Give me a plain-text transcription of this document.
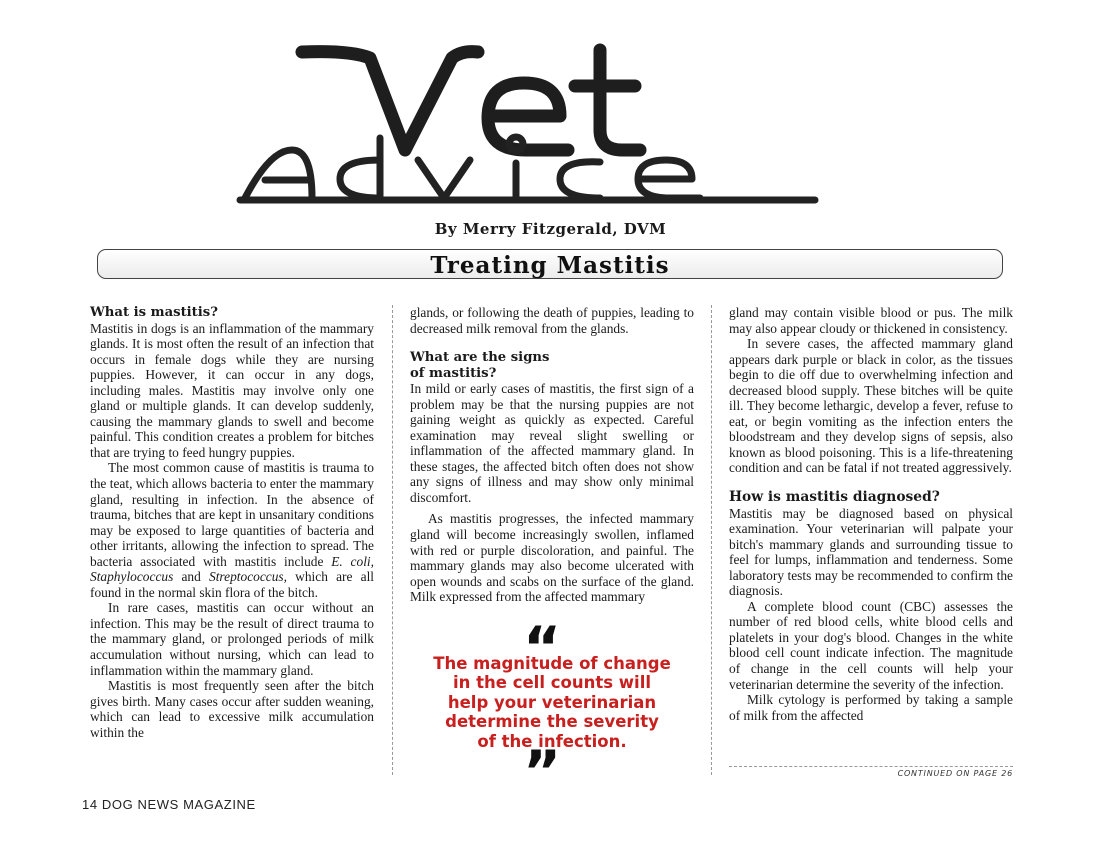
By Merry Fitzgerald, DVM
Treating Mastitis
What is mastitis?

Mastitis in dogs is an inflammation of the mammary glands. It is most often the result of an infection that occurs in female dogs while they are nursing puppies. However, it can occur in any dogs, including males. Mastitis may involve only one gland or multiple glands. It can develop suddenly, causing the mammary glands to swell and become painful. This condition creates a problem for bitches that are trying to feed hungry puppies.

The most common cause of mastitis is trauma to the teat, which allows bacteria to enter the mammary gland, resulting in infection. In the absence of trauma, bitches that are kept in unsanitary conditions may be exposed to large quantities of bacteria and other irritants, allowing the infection to spread. The bacteria associated with mastitis include E. coli, Staphylococcus and Streptococcus, which are all found in the normal skin flora of the bitch.

In rare cases, mastitis can occur without an infection. This may be the result of direct trauma to the mammary gland, or prolonged periods of milk accumulation without nursing, which can lead to inflammation within the mammary gland.

Mastitis is most frequently seen after the bitch gives birth. Many cases occur after sudden weaning, which can lead to excessive milk accumulation within the

glands, or following the death of puppies, leading to decreased milk removal from the glands.

What are the signs
of mastitis?

In mild or early cases of mastitis, the first sign of a problem may be that the nursing puppies are not gaining weight as quickly as expected. Careful examination may reveal slight swelling or inflammation of the affected mammary gland. In these stages, the affected bitch often does not show any signs of illness and may show only minimal discomfort.

As mastitis progresses, the infected mammary gland will become increasingly swollen, inflamed with red or purple discoloration, and painful. The mammary glands may also become ulcerated with open wounds and scabs on the surface of the gland. Milk expressed from the affected mammary

“
The magnitude of change
in the cell counts will
help your veterinarian
determine the severity
of the infection.
”

gland may contain visible blood or pus. The milk may also appear cloudy or thickened in consistency.

In severe cases, the affected mammary gland appears dark purple or black in color, as the tissues begin to die off due to overwhelming infection and decreased blood supply. These bitches will be quite ill. They become lethargic, develop a fever, refuse to eat, or begin vomiting as the infection enters the bloodstream and they develop signs of sepsis, also known as blood poisoning. This is a life-threatening condition and can be fatal if not treated aggressively.

How is mastitis diagnosed?

Mastitis may be diagnosed based on physical examination. Your veterinarian will palpate your bitch's mammary glands and surrounding tissue to feel for lumps, inflammation and tenderness. Some laboratory tests may be recommended to confirm the diagnosis.

A complete blood count (CBC) assesses the number of red blood cells, white blood cells and platelets in your dog's blood. Changes in the white blood cell count indicate infection. The magnitude of change in the cell counts will help your veterinarian determine the severity of the infection.

Milk cytology is performed by taking a sample of milk from the affected

CONTINUED ON PAGE 26
14 DOG NEWS MAGAZINE
